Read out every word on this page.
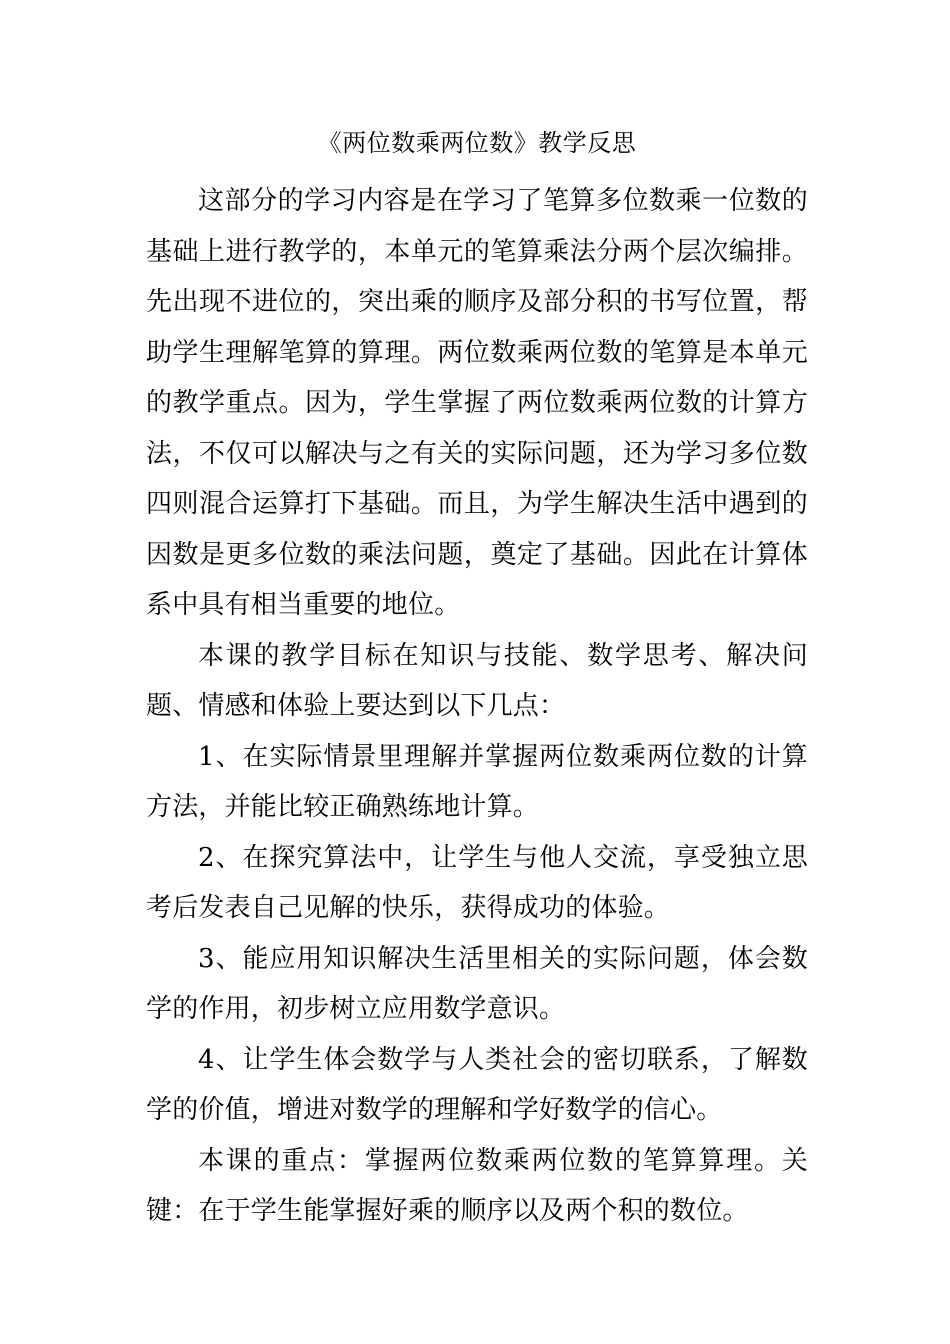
《两位数乘两位数》教学反思

这部分的学习内容是在学习了笔算多位数乘一位数的基础上进行教学的，本单元的笔算乘法分两个层次编排。先出现不进位的，突出乘的顺序及部分积的书写位置，帮助学生理解笔算的算理。两位数乘两位数的笔算是本单元的教学重点。因为，学生掌握了两位数乘两位数的计算方法，不仅可以解决与之有关的实际问题，还为学习多位数四则混合运算打下基础。而且，为学生解决生活中遇到的因数是更多位数的乘法问题，奠定了基础。因此在计算体系中具有相当重要的地位。

本课的教学目标在知识与技能、数学思考、解决问题、情感和体验上要达到以下几点：

1、在实际情景里理解并掌握两位数乘两位数的计算方法，并能比较正确熟练地计算。

2、在探究算法中，让学生与他人交流，享受独立思考后发表自己见解的快乐，获得成功的体验。

3、能应用知识解决生活里相关的实际问题，体会数学的作用，初步树立应用数学意识。

4、让学生体会数学与人类社会的密切联系，了解数学的价值，增进对数学的理解和学好数学的信心。

本课的重点：掌握两位数乘两位数的笔算算理。关键：在于学生能掌握好乘的顺序以及两个积的数位。
